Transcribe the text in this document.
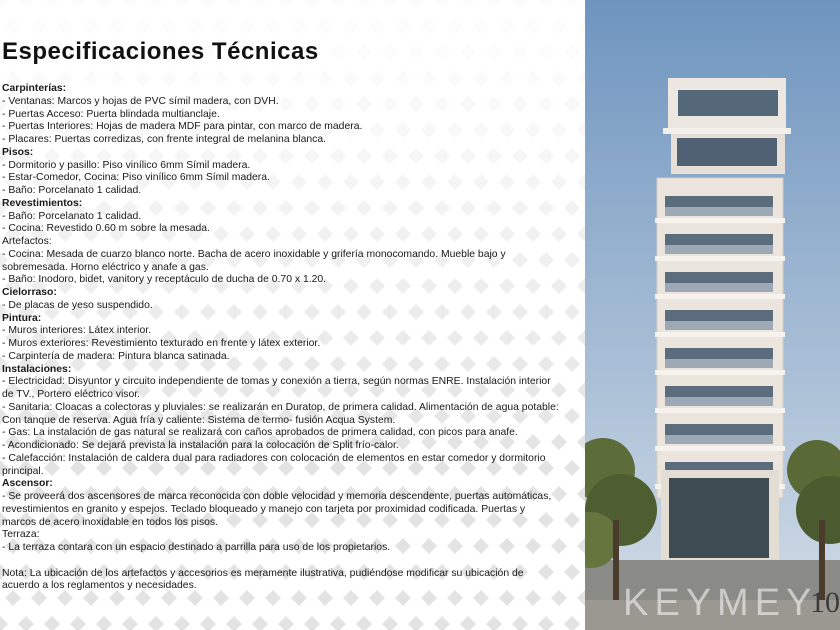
Especificaciones Técnicas
Carpinterías:
- Ventanas: Marcos y hojas de PVC símil madera, con DVH.
- Puertas Acceso: Puerta blindada multianclaje.
- Puertas Interiores: Hojas de madera MDF para pintar, con marco de madera.
- Placares: Puertas corredizas, con frente integral de melanina blanca.
Pisos:
- Dormitorio y pasillo: Piso vinílico 6mm Símil madera.
- Estar-Comedor, Cocina: Piso vinílico 6mm Símil madera.
- Baño: Porcelanato 1 calidad.
Revestimientos:
- Baño: Porcelanato 1 calidad.
- Cocina: Revestido 0.60 m sobre la mesada.
Artefactos:
- Cocina: Mesada de cuarzo blanco norte. Bacha de acero inoxidable y grifería monocomando. Mueble bajo y sobremesada. Horno eléctrico y anafe a gas.
- Baño: Inodoro, bidet, vanitory y receptáculo de ducha de 0.70 x 1.20.
Cielorraso:
- De placas de yeso suspendido.
Pintura:
- Muros interiores: Látex interior.
- Muros exteriores: Revestimiento texturado en frente y látex exterior.
- Carpintería de madera: Pintura blanca satinada.
Instalaciones:
- Electricidad: Disyuntor y circuito independiente de tomas y conexión a tierra, según normas ENRE. Instalación interior de TV., Portero eléctrico visor.
- Sanitaria: Cloacas a colectoras y pluviales: se realizarán en Duratop, de primera calidad. Alimentación de agua potable: Con tanque de reserva. Agua fría y caliente: Sistema de termo- fusión Acqua System.
- Gas: La instalación de gas natural se realizará con caños aprobados de primera calidad, con picos para anafe.
- Acondicionado: Se dejará prevista la instalación para la colocación de Split frío-calor.
- Calefacción: Instalación de caldera dual para radiadores con colocación de elementos en estar comedor y dormitorio principal.
Ascensor:
- Se proveerá dos ascensores de marca reconocida con doble velocidad y memoria descendente, puertas automáticas, revestimientos en granito y espejos. Teclado bloqueado y manejo con tarjeta por proximidad codificada. Puertas y marcos de acero inoxidable en todos los pisos.
Terraza:
- La terraza contara con un espacio destinado a parrilla para uso de los propietarios.
Nota: La ubicación de los artefactos y accesorios es meramente ilustrativa, pudiéndose modificar su ubicación de acuerdo a los reglamentos y necesidades.	KEYMEY
10
